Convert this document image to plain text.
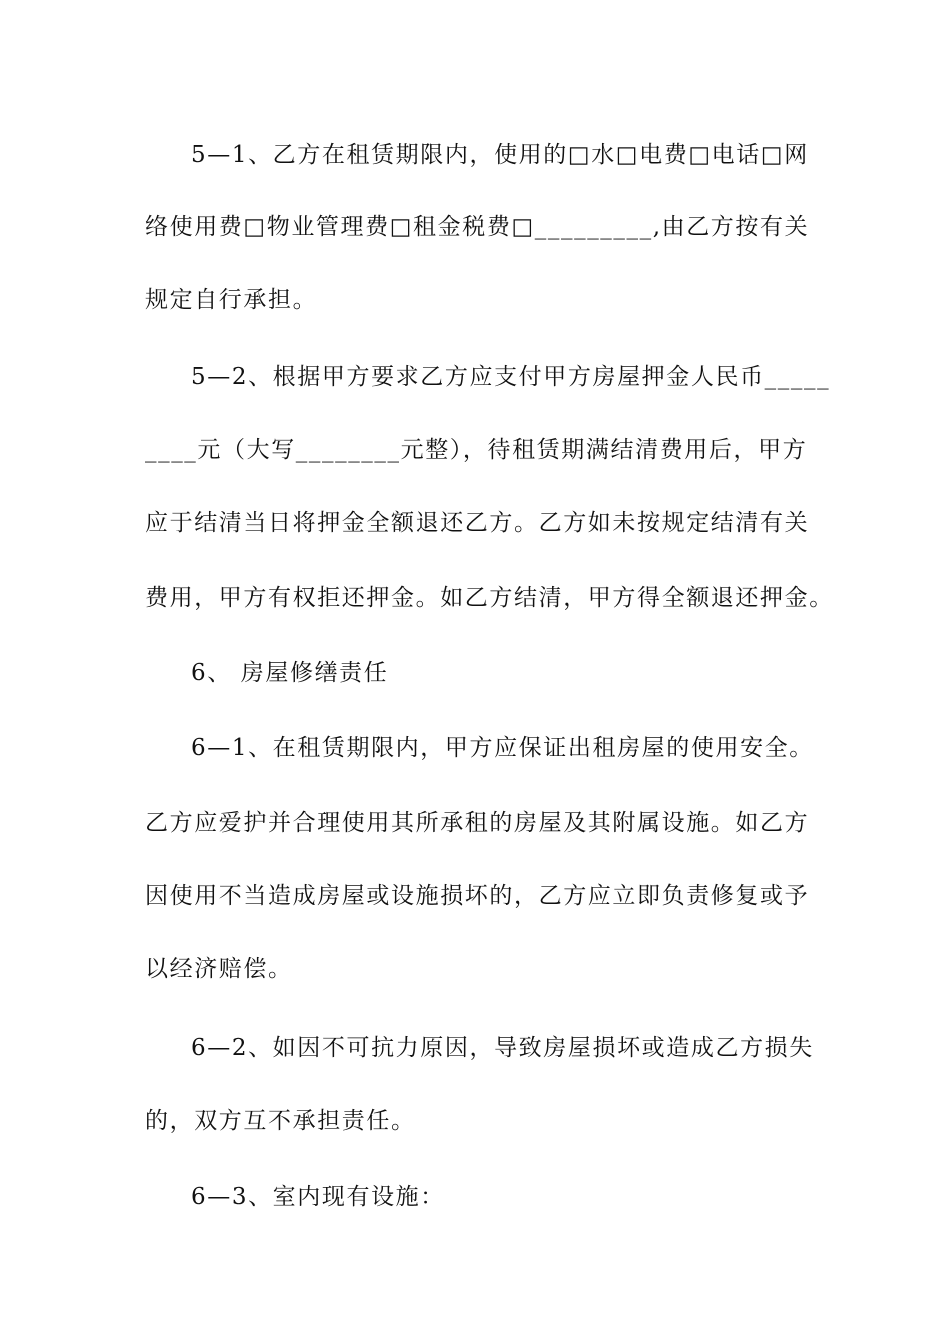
5—1、乙方在租赁期限内，使用的□水□电费□电话□网
络使用费□物业管理费□租金税费□_________,由乙方按有关
规定自行承担。
5—2、根据甲方要求乙方应支付甲方房屋押金人民币_____
____元（大写________元整），待租赁期满结清费用后，甲方
应于结清当日将押金全额退还乙方。乙方如未按规定结清有关
费用，甲方有权拒还押金。如乙方结清，甲方得全额退还押金。
6、 房屋修缮责任
6—1、在租赁期限内，甲方应保证出租房屋的使用安全。
乙方应爱护并合理使用其所承租的房屋及其附属设施。如乙方
因使用不当造成房屋或设施损坏的，乙方应立即负责修复或予
以经济赔偿。
6—2、如因不可抗力原因，导致房屋损坏或造成乙方损失
的，双方互不承担责任。
6—3、室内现有设施：
